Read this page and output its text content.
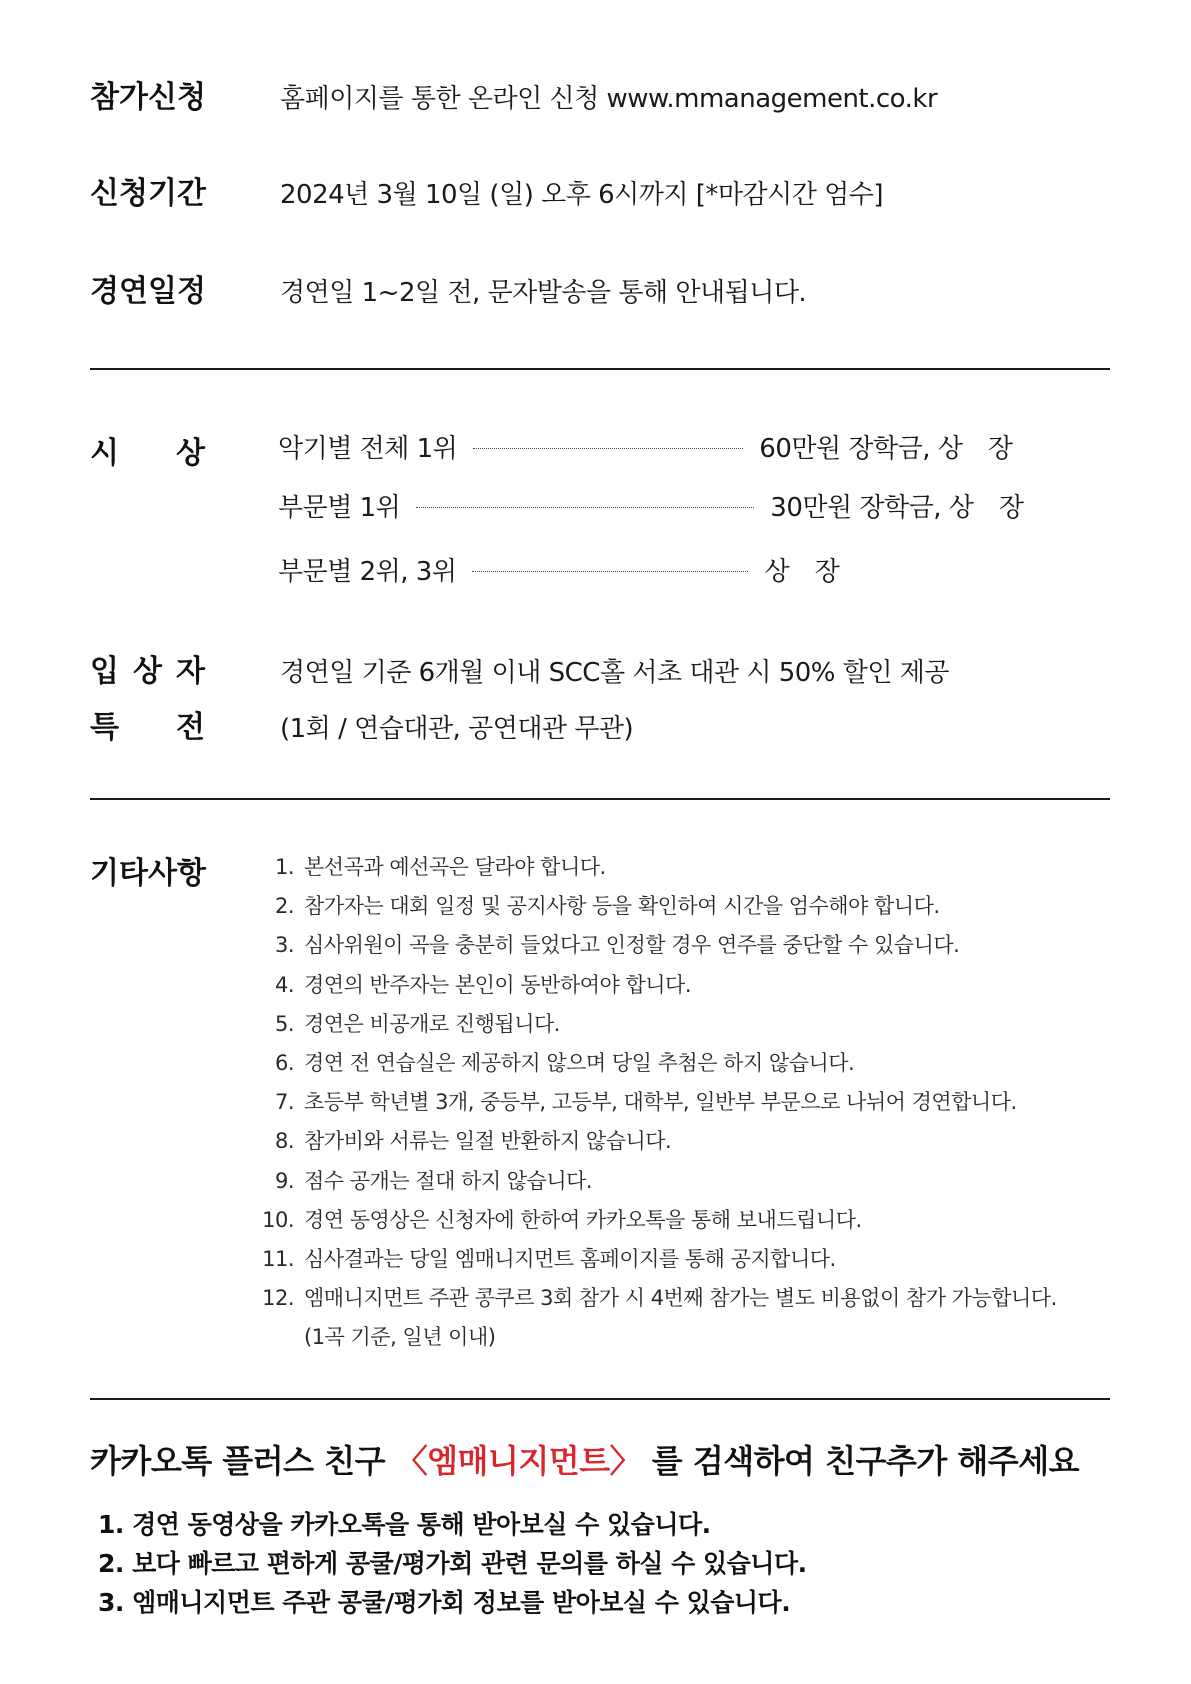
참가신청	홈페이지를 통한 온라인 신청 www.mmanagement.co.kr
신청기간	2024년 3월 10일 (일) 오후 6시까지 [*마감시간 엄수]
경연일정	경연일 1~2일 전, 문자발송을 통해 안내됩니다.
시 상	악기별 전체 1위	60만원 장학금, 상　장
부문별 1위	30만원 장학금, 상　장
부문별 2위, 3위	상　장
입 상 자	경연일 기준 6개월 이내 SCC홀 서초 대관 시 50% 할인 제공
특 전	(1회 / 연습대관, 공연대관 무관)
기타사항	1. 본선곡과 예선곡은 달라야 합니다.
2. 참가자는 대회 일정 및 공지사항 등을 확인하여 시간을 엄수해야 합니다.
3. 심사위원이 곡을 충분히 들었다고 인정할 경우 연주를 중단할 수 있습니다.
4. 경연의 반주자는 본인이 동반하여야 합니다.
5. 경연은 비공개로 진행됩니다.
6. 경연 전 연습실은 제공하지 않으며 당일 추첨은 하지 않습니다.
7. 초등부 학년별 3개, 중등부, 고등부, 대학부, 일반부 부문으로 나뉘어 경연합니다.
8. 참가비와 서류는 일절 반환하지 않습니다.
9. 점수 공개는 절대 하지 않습니다.
10. 경연 동영상은 신청자에 한하여 카카오톡을 통해 보내드립니다.
11. 심사결과는 당일 엠매니지먼트 홈페이지를 통해 공지합니다.
12. 엠매니지먼트 주관 콩쿠르 3회 참가 시 4번째 참가는 별도 비용없이 참가 가능합니다.
(1곡 기준, 일년 이내)
카카오톡 플러스 친구 〈엠매니지먼트〉 를 검색하여 친구추가 해주세요
1. 경연 동영상을 카카오톡을 통해 받아보실 수 있습니다.
2. 보다 빠르고 편하게 콩쿨/평가회 관련 문의를 하실 수 있습니다.
3. 엠매니지먼트 주관 콩쿨/평가회 정보를 받아보실 수 있습니다.
